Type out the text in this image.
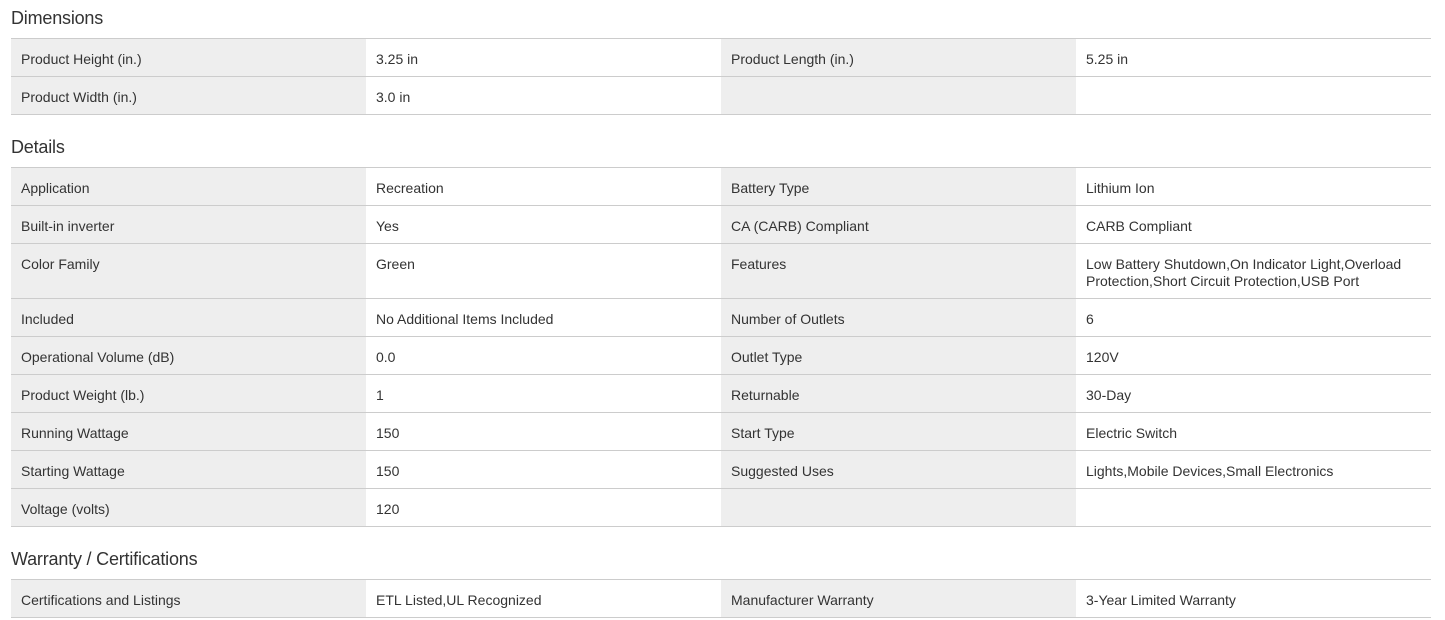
Dimensions
Product Height (in.)	3.25 in	Product Length (in.)	5.25 in
Product Width (in.)	3.0 in
Details
Application	Recreation	Battery Type	Lithium Ion
Built-in inverter	Yes	CA (CARB) Compliant	CARB Compliant
Color Family	Green	Features	Low Battery Shutdown,On Indicator Light,Overload Protection,Short Circuit Protection,USB Port
Included	No Additional Items Included	Number of Outlets	6
Operational Volume (dB)	0.0	Outlet Type	120V
Product Weight (lb.)	1	Returnable	30-Day
Running Wattage	150	Start Type	Electric Switch
Starting Wattage	150	Suggested Uses	Lights,Mobile Devices,Small Electronics
Voltage (volts)	120
Warranty / Certifications
Certifications and Listings	ETL Listed,UL Recognized	Manufacturer Warranty	3-Year Limited Warranty
